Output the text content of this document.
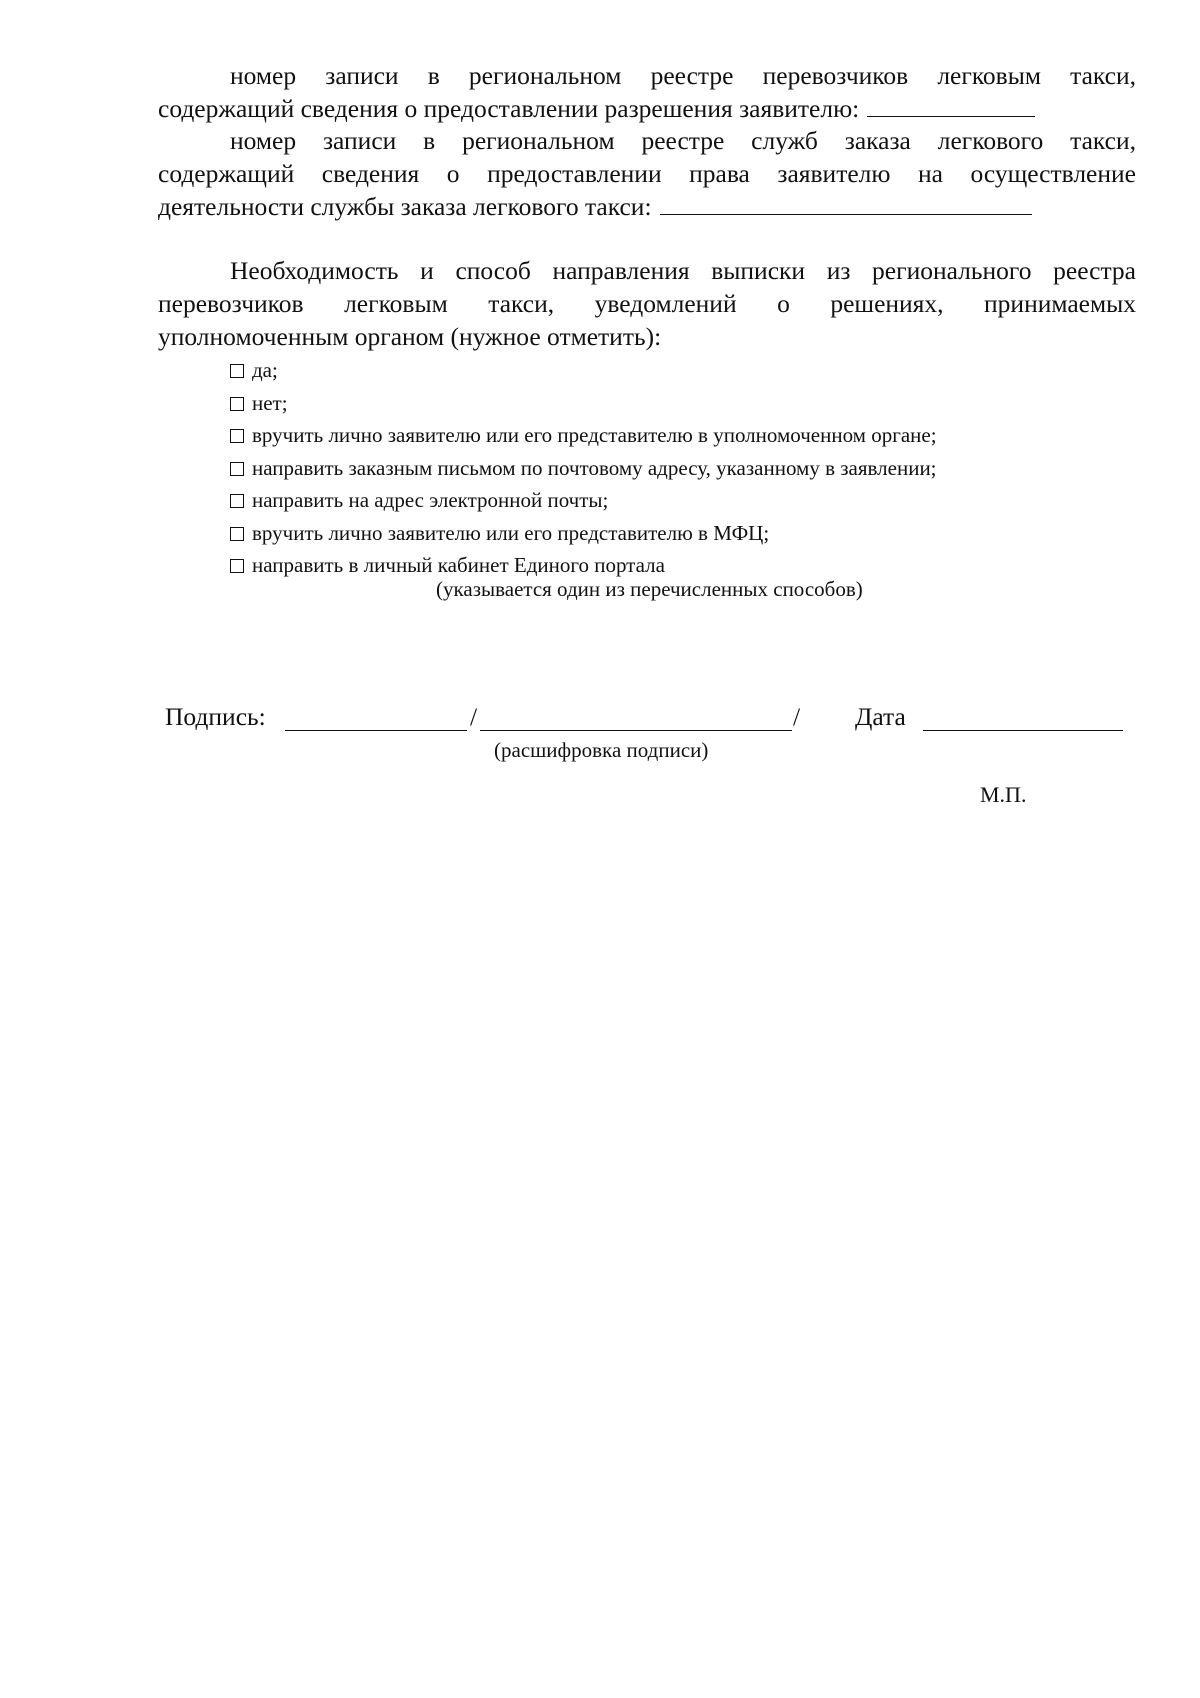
номер записи в региональном реестре перевозчиков легковым такси,
содержащий сведения о предоставлении разрешения заявителю:

номер записи в региональном реестре служб заказа легкового такси,
содержащий сведения о предоставлении права заявителю на осуществление
деятельности службы заказа легкового такси:

Необходимость и способ направления выписки из регионального реестра
перевозчиков легковым такси, уведомлений о решениях, принимаемых
уполномоченным органом (нужное отметить):

да;
нет;
вручить лично заявителю или его представителю в уполномоченном органе;
направить заказным письмом по почтовому адресу, указанному в заявлении;
направить на адрес электронной почты;
вручить лично заявителю или его представителю в МФЦ;
направить в личный кабинет Единого портала
(указывается один из перечисленных способов)
Подпись:	/	/ Дата
(расшифровка подписи)
М.П.
